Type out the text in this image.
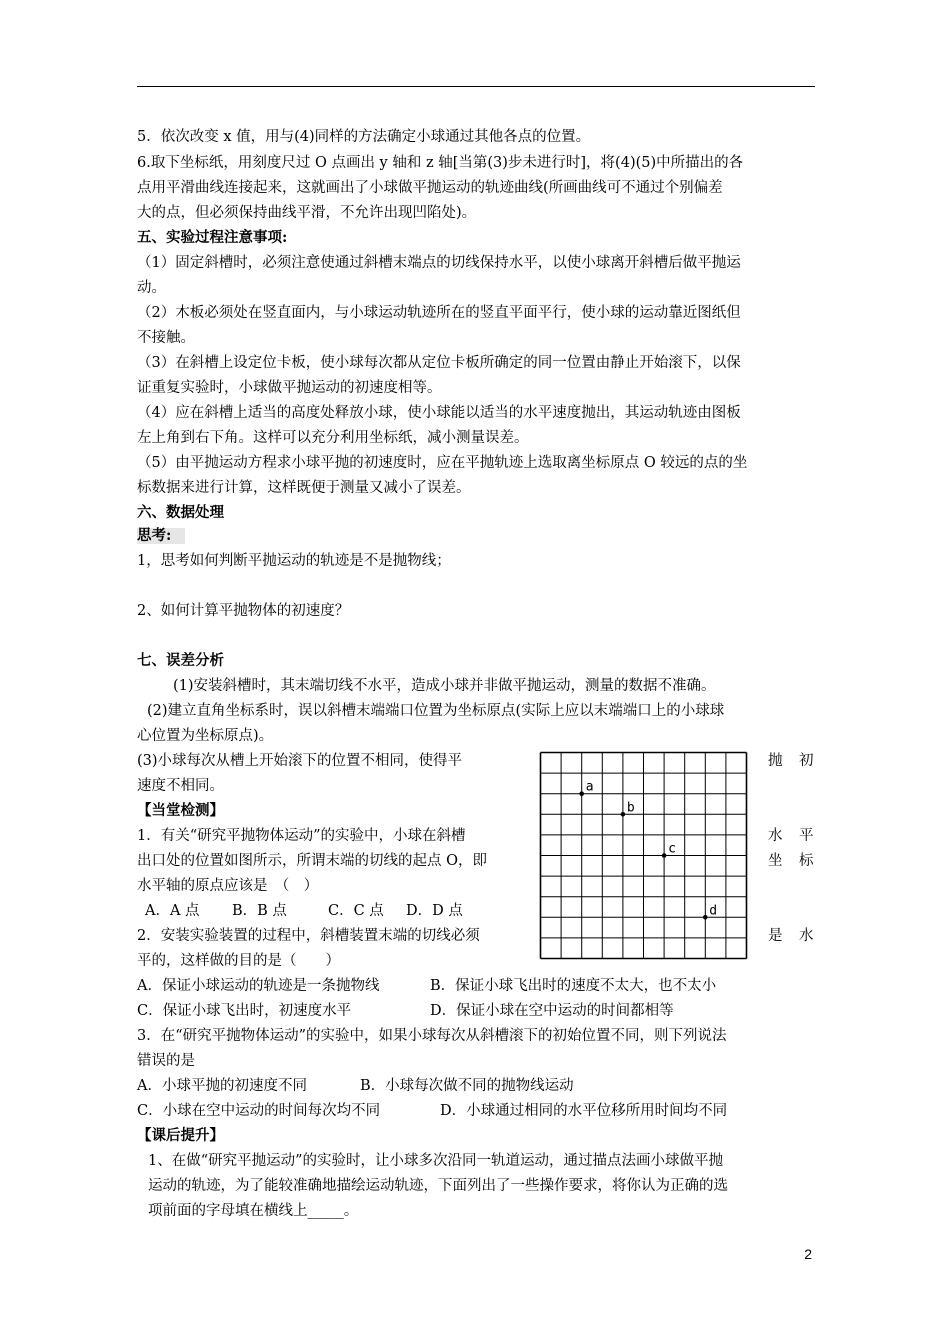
5．依次改变 x 值，用与(4)同样的方法确定小球通过其他各点的位置。
6.取下坐标纸，用刻度尺过 O 点画出 y 轴和 z 轴[当第(3)步未进行时]，将(4)(5)中所描出的各
点用平滑曲线连接起来，这就画出了小球做平抛运动的轨迹曲线(所画曲线可不通过个别偏差
大的点，但必须保持曲线平滑，不允许出现凹陷处)。
五、实验过程注意事项:
（1）固定斜槽时，必须注意使通过斜槽末端点的切线保持水平，以使小球离开斜槽后做平抛运
动。
（2）木板必须处在竖直面内，与小球运动轨迹所在的竖直平面平行，使小球的运动靠近图纸但
不接触。
（3）在斜槽上设定位卡板，使小球每次都从定位卡板所确定的同一位置由静止开始滚下，以保
证重复实验时，小球做平抛运动的初速度相等。
（4）应在斜槽上适当的高度处释放小球，使小球能以适当的水平速度抛出，其运动轨迹由图板
左上角到右下角。这样可以充分利用坐标纸，减小测量误差。
（5）由平抛运动方程求小球平抛的初速度时，应在平抛轨迹上选取离坐标原点 O 较远的点的坐
标数据来进行计算，这样既便于测量又减小了误差。
六、数据处理
思考:
1，思考如何判断平抛运动的轨迹是不是抛物线；
2、如何计算平抛物体的初速度？
七、误差分析
(1)安装斜槽时，其末端切线不水平，造成小球并非做平抛运动，测量的数据不准确。
(2)建立直角坐标系时，误以斜槽末端端口位置为坐标原点(实际上应以末端端口上的小球球
心位置为坐标原点)。
(3)小球每次从槽上开始滚下的位置不相同，使得平
速度不相同。
抛 初
【当堂检测】
1．有关“研究平抛物体运动”的实验中，小球在斜槽
出口处的位置如图所示，所谓末端的切线的起点 O，即
水平轴的原点应该是　（　）
水 平
坐 标
A．A 点 B．B 点	C．C 点 D．D 点
2．安装实验装置的过程中，斜槽装置末端的切线必须
平的，这样做的目的是（　　）
是 水
A．保证小球运动的轨迹是一条抛物线	B．保证小球飞出时的速度不太大，也不太小
C．保证小球飞出时，初速度水平	D．保证小球在空中运动的时间都相等
3．在“研究平抛物体运动”的实验中，如果小球每次从斜槽滚下的初始位置不同，则下列说法
错误的是
A．小球平抛的初速度不同	B．小球每次做不同的抛物线运动
C．小球在空中运动的时间每次均不同	D．小球通过相同的水平位移所用时间均不同
【课后提升】
1、在做“研究平抛运动”的实验时，让小球多次沿同一轨道运动，通过描点法画小球做平抛
运动的轨迹，为了能较准确地描绘运动轨迹，下面列出了一些操作要求，将你认为正确的选
项前面的字母填在横线上_____。
a
b
c
d
2
